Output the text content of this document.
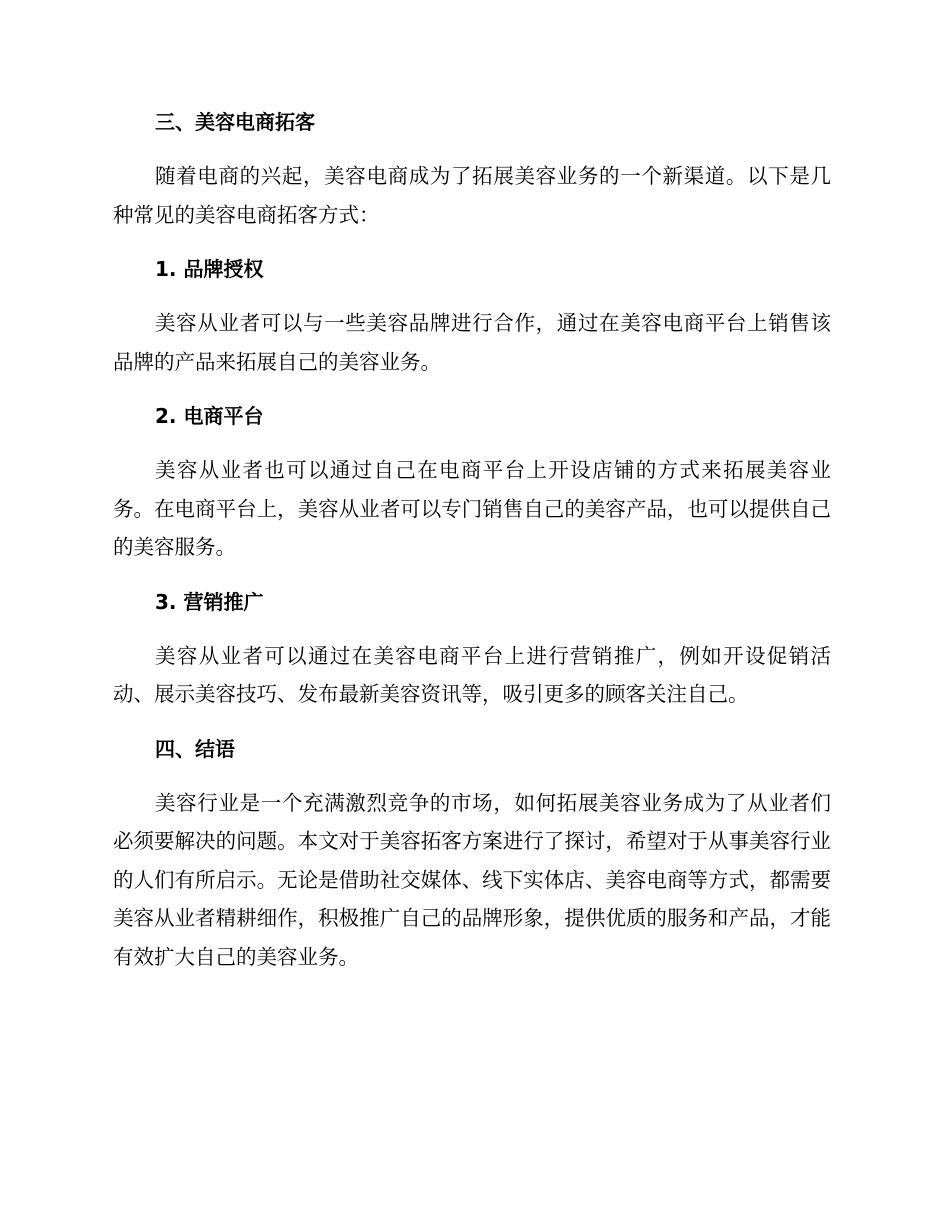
三、美容电商拓客

随着电商的兴起，美容电商成为了拓展美容业务的一个新渠道。以下是几种常见的美容电商拓客方式：

1. 品牌授权

美容从业者可以与一些美容品牌进行合作，通过在美容电商平台上销售该品牌的产品来拓展自己的美容业务。

2. 电商平台

美容从业者也可以通过自己在电商平台上开设店铺的方式来拓展美容业务。在电商平台上，美容从业者可以专门销售自己的美容产品，也可以提供自己的美容服务。

3. 营销推广

美容从业者可以通过在美容电商平台上进行营销推广，例如开设促销活动、展示美容技巧、发布最新美容资讯等，吸引更多的顾客关注自己。

四、结语

美容行业是一个充满激烈竞争的市场，如何拓展美容业务成为了从业者们必须要解决的问题。本文对于美容拓客方案进行了探讨，希望对于从事美容行业的人们有所启示。无论是借助社交媒体、线下实体店、美容电商等方式，都需要美容从业者精耕细作，积极推广自己的品牌形象，提供优质的服务和产品，才能有效扩大自己的美容业务。
